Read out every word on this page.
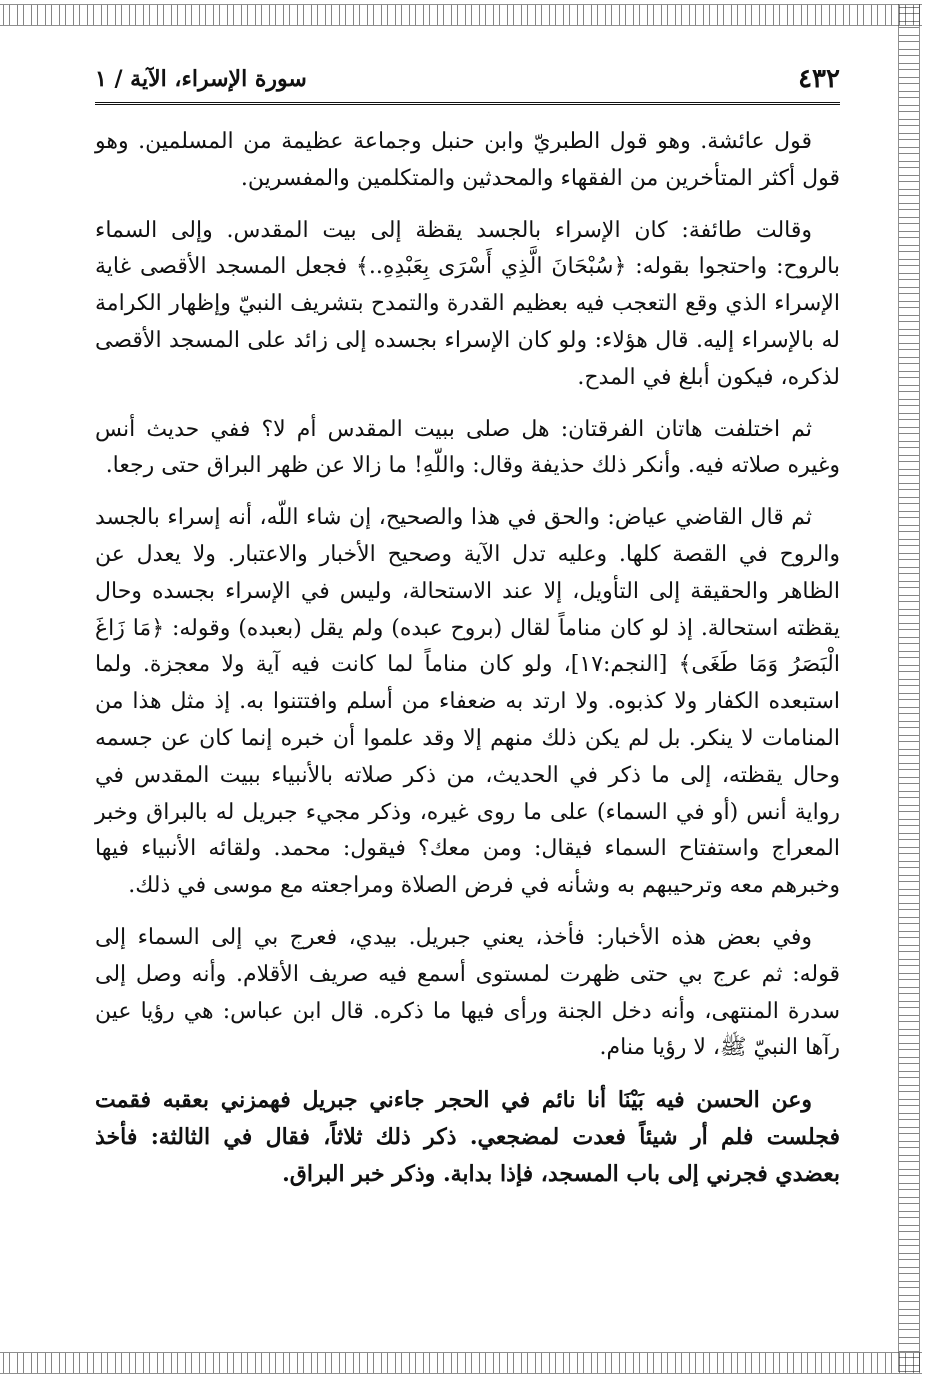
٤٣٢
سورة الإسراء، الآية / ١

قول عائشة. وهو قول الطبريّ وابن حنبل وجماعة عظيمة من المسلمين. وهو قول أكثر المتأخرين من الفقهاء والمحدثين والمتكلمين والمفسرين.

وقالت طائفة: كان الإسراء بالجسد يقظة إلى بيت المقدس. وإلى السماء بالروح: واحتجوا بقوله: ﴿سُبْحَانَ الَّذِي أَسْرَى بِعَبْدِهِ..﴾ فجعل المسجد الأقصى غاية الإسراء الذي وقع التعجب فيه بعظيم القدرة والتمدح بتشريف النبيّ وإظهار الكرامة له بالإسراء إليه. قال هؤلاء: ولو كان الإسراء بجسده إلى زائد على المسجد الأقصى لذكره، فيكون أبلغ في المدح.

ثم اختلفت هاتان الفرقتان: هل صلى ببيت المقدس أم لا؟ ففي حديث أنس وغيره صلاته فيه. وأنكر ذلك حذيفة وقال: واللّهِ! ما زالا عن ظهر البراق حتى رجعا.

ثم قال القاضي عياض: والحق في هذا والصحيح، إن شاء اللّه، أنه إسراء بالجسد والروح في القصة كلها. وعليه تدل الآية وصحيح الأخبار والاعتبار. ولا يعدل عن الظاهر والحقيقة إلى التأويل، إلا عند الاستحالة، وليس في الإسراء بجسده وحال يقظته استحالة. إذ لو كان مناماً لقال (بروح عبده) ولم يقل (بعبده) وقوله: ﴿مَا زَاغَ الْبَصَرُ وَمَا طَغَى﴾ [النجم:١٧]، ولو كان مناماً لما كانت فيه آية ولا معجزة. ولما استبعده الكفار ولا كذبوه. ولا ارتد به ضعفاء من أسلم وافتتنوا به. إذ مثل هذا من المنامات لا ينكر. بل لم يكن ذلك منهم إلا وقد علموا أن خبره إنما كان عن جسمه وحال يقظته، إلى ما ذكر في الحديث، من ذكر صلاته بالأنبياء ببيت المقدس في رواية أنس (أو في السماء) على ما روى غيره، وذكر مجيء جبريل له بالبراق وخبر المعراج واستفتاح السماء فيقال: ومن معك؟ فيقول: محمد. ولقائه الأنبياء فيها وخبرهم معه وترحيبهم به وشأنه في فرض الصلاة ومراجعته مع موسى في ذلك.

وفي بعض هذه الأخبار: فأخذ، يعني جبريل. بيدي، فعرج بي إلى السماء إلى قوله: ثم عرج بي حتى ظهرت لمستوى أسمع فيه صريف الأقلام. وأنه وصل إلى سدرة المنتهى، وأنه دخل الجنة ورأى فيها ما ذكره. قال ابن عباس: هي رؤيا عين رآها النبيّ ﷺ، لا رؤيا منام.

وعن الحسن فيه بَيْنَا أنا نائم في الحجر جاءني جبريل فهمزني بعقبه فقمت فجلست فلم أر شيئاً فعدت لمضجعي. ذكر ذلك ثلاثاً، فقال في الثالثة: فأخذ بعضدي فجرني إلى باب المسجد، فإذا بدابة. وذكر خبر البراق.
